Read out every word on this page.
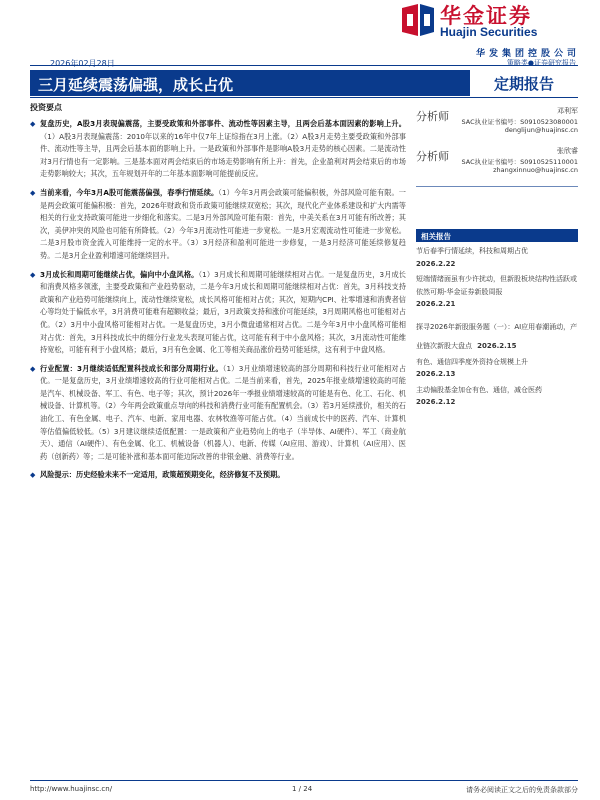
华金证券
Huajin Securities
华发集团控股公司
2026年02月28日	策略类●证券研究报告
三月延续震荡偏强，成长占优	定期报告
投资要点
◆ 复盘历史，A股3月表现偏震荡，主要受政策和外部事件、流动性等因素主导，且两会后基本面因素的影响上升。（1）A股3月表现偏震荡：2010年以来的16年中仅7年上证综指在3月上涨。（2）A股3月走势主要受政策和外部事件、流动性等主导，且两会后基本面的影响上升。一是政策和外部事件是影响A股3月走势的核心因素。二是流动性对3月行情也有一定影响。三是基本面对两会结束后的市场走势影响有所上升：首先，企业盈利对两会结束后的市场走势影响较大；其次，五年规划开年的二年基本面影响可能提前反应。
◆ 当前来看，今年3月A股可能震荡偏强，春季行情延续。（1）今年3月两会政策可能偏积极，外部风险可能有限。一是两会政策可能偏积极：首先，2026年财政和货币政策可能继续双宽松；其次，现代化产业体系建设和扩大内需等相关的行业支持政策可能进一步细化和落实。二是3月外部风险可能有限：首先，中美关系在3月可能有所改善；其次，美伊冲突的风险也可能有所降低。（2）今年3月流动性可能进一步宽松。一是3月宏观流动性可能进一步宽松。二是3月股市资金流入可能维持一定的水平。（3）3月经济和盈利可能进一步修复，一是3月经济可能延续修复趋势。二是3月企业盈利增速可能继续回升。
◆ 3月成长和周期可能继续占优，偏向中小盘风格。（1）3月成长和周期可能继续相对占优。一是复盘历史，3月成长和消费风格多领涨，主要受政策和产业趋势驱动，二是今年3月成长和周期可能继续相对占优：首先，3月科技支持政策和产业趋势可能继续向上，流动性继续宽松，成长风格可能相对占优；其次，短期内CPI、社零增速和消费者信心等均处于偏低水平，3月消费可能难有超额收益；最后，3月政策支持和涨价可能延续，3月周期风格也可能相对占优。（2）3月中小盘风格可能相对占优。一是复盘历史，3月小微盘通常相对占优。二是今年3月中小盘风格可能相对占优：首先，3月科技成长中的细分行业龙头表现可能占优，这可能有利于中小盘风格；其次，3月流动性可能维持宽松，可能有利于小盘风格；最后，3月有色金属、化工等相关商品涨价趋势可能延续，这有利于中盘风格。
◆ 行业配置：3月继续适低配置科技成长和部分周期行业。（1）3月业绩增速较高的部分周期和科技行业可能相对占优。一是复盘历史，3月业绩增速较高的行业可能相对占优。二是当前来看，首先，2025年报业绩增速较高的可能是汽车、机械设备、军工、有色、电子等；其次，预计2026年一季报业绩增速较高的可能是有色、化工、石化、机械设备、计算机等。（2）今年两会政策重点导向的科技和消费行业可能有配置机会。（3）若3月延续涨价，相关的石油化工、有色金属、电子、汽车、电新、家用电器、农林牧渔等可能占优。（4）当前成长中的医药、汽车、计算机等估值偏低较低。（5）3月建议继续适低配置：一是政策和产业趋势向上的电子（半导体、AI硬件）、军工（商业航天）、通信（AI硬件）、有色金属、化工、机械设备（机器人）、电新、传媒（AI应用、游戏）、计算机（AI应用）、医药（创新药）等；二是可能补涨和基本面可能边际改善的非银金融、消费等行业。
◆ 风险提示：历史经验未来不一定适用，政策超预期变化，经济修复不及预期。
分析师	邓利军
SAC执业证书编号：S0910523080001
denglijun@huajinsc.cn
分析师	张欣睿
SAC执业证书编号：S0910525110001
zhangxinnuo@huajinsc.cn
相关报告
节后春季行情延续，科技和周期占优
2026.2.22
短端情绪面虽有少许扰动，但新股板块结构性活跃或依然可期-华金证券新股周报
2026.2.21
探寻2026年新股服务题（一）：AI应用春潮涌动，产业链次新股大盘点 2026.2.15
有色、通信四季度外资持仓规模上升
2026.2.13
主动偏股基金加仓有色、通信，减仓医药
2026.2.12
http://www.huajinsc.cn/	1 / 24	请务必阅读正文之后的免责条款部分
